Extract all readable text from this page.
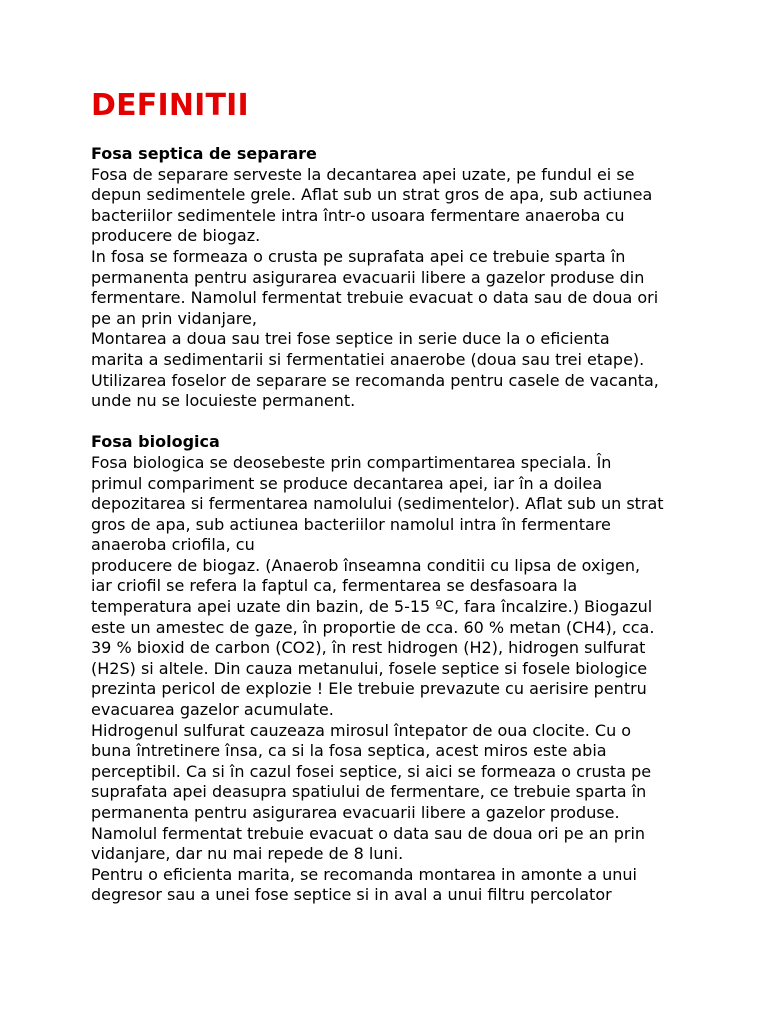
DEFINITII
Fosa septica de separare
Fosa de separare serveste la decantarea apei uzate, pe fundul ei se
depun sedimentele grele. Aflat sub un strat gros de apa, sub actiunea
bacteriilor sedimentele intra într-o usoara fermentare anaeroba cu
producere de biogaz.
In fosa se formeaza o crusta pe suprafata apei ce trebuie sparta în
permanenta pentru asigurarea evacuarii libere a gazelor produse din
fermentare. Namolul fermentat trebuie evacuat o data sau de doua ori
pe an prin vidanjare,
Montarea a doua sau trei fose septice in serie duce la o eficienta
marita a sedimentarii si fermentatiei anaerobe (doua sau trei etape).
Utilizarea foselor de separare se recomanda pentru casele de vacanta,
unde nu se locuieste permanent.
Fosa biologica
Fosa biologica se deosebeste prin compartimentarea speciala. În
primul compariment se produce decantarea apei, iar în a doilea
depozitarea si fermentarea namolului (sedimentelor). Aflat sub un strat
gros de apa, sub actiunea bacteriilor namolul intra în fermentare
anaeroba criofila, cu
producere de biogaz. (Anaerob înseamna conditii cu lipsa de oxigen,
iar criofil se refera la faptul ca, fermentarea se desfasoara la
temperatura apei uzate din bazin, de 5-15 ºC, fara încalzire.) Biogazul
este un amestec de gaze, în proportie de cca. 60 % metan (CH4), cca.
39 % bioxid de carbon (CO2), în rest hidrogen (H2), hidrogen sulfurat
(H2S) si altele. Din cauza metanului, fosele septice si fosele biologice
prezinta pericol de explozie ! Ele trebuie prevazute cu aerisire pentru
evacuarea gazelor acumulate.
Hidrogenul sulfurat cauzeaza mirosul întepator de oua clocite. Cu o
buna întretinere însa, ca si la fosa septica, acest miros este abia
perceptibil. Ca si în cazul fosei septice, si aici se formeaza o crusta pe
suprafata apei deasupra spatiului de fermentare, ce trebuie sparta în
permanenta pentru asigurarea evacuarii libere a gazelor produse.
Namolul fermentat trebuie evacuat o data sau de doua ori pe an prin
vidanjare, dar nu mai repede de 8 luni.
Pentru o eficienta marita, se recomanda montarea in amonte a unui
degresor sau a unei fose septice si in aval a unui filtru percolator
